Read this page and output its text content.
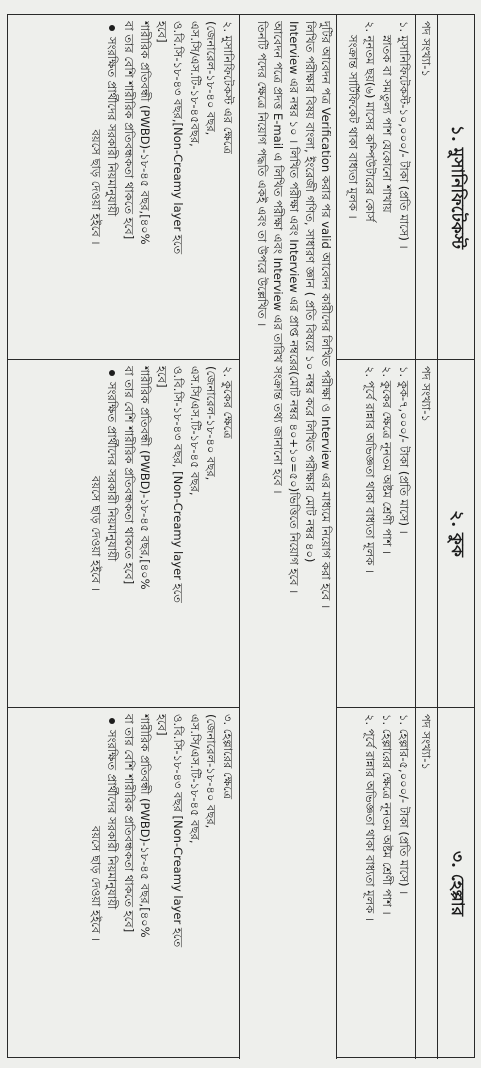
১. মুসানিফিটেকস্ট
২. কুক
৩. হেল্পার
পদ সংখ্যা-১
১. মুসানিফিটেকস্ট-১০,০০০/- টাকা (প্রতি মাসে) ।
স্নাতক বা সমতুল্য পাশ যেকোনো শাখায়
২. নূনতম ছয়(৬) মাসের কম্পিউটারের কোর্স
সংক্রান্ত সার্টিফিকেট থাকা বাধ্যতা মূলক ।
২. মুসানিফিটেকস্ট এর ক্ষেত্রে
(জেনারেল-১৮-৪০ বছর,
এস.সি/এস.টি-১৮-৪৫বছর,
ও.বি.সি-১৮-৪৩ বছর,[Non-Creamy layer হতে
হবে]
শারীরিক প্রতিবন্ধী (PWBD)-১৮-৪৫ বছর,[৪০%
বা তার বেশি শারীরিক প্রতিবন্ধকতা থাকতে হবে]
সংরক্ষিত প্রার্থীদের সরকারী নিয়মানুযায়ী
বয়সে ছাড় দেওয়া হইবে ।
পদ সংখ্যা-১
১. কুক-৭,০০০/- টাকা (প্রতি মাসে) ।
২. কুকের ক্ষেত্রে নূনতম অষ্টম শ্রেণী পাশ ।
২. পূর্বে রান্নার অভিজ্ঞতা থাকা বাধ্যতা মূলক ।
২. কুকের ক্ষেত্রে
(জেনারেল-১৮-৪০ বছর,
এস.সি/এস.টি-১৮-৪৫ বছর,
ও.বি.সি-১৮-৪৩ বছর, [Non-Creamy layer হতে
হবে]
শারীরিক প্রতিবন্ধী (PWBD)-১৮-৪৫ বছর,[৪০%
বা তার বেশি শারীরিক প্রতিবন্ধকতা থাকতে হবে]
সংরক্ষিত প্রার্থীদের সরকারী নিয়মানুযায়ী
বয়সে ছাড় দেওয়া হইবে ।
পদ সংখ্যা-১
১. হেল্পার-৫,০০০/- টাকা (প্রতি মাসে) ।
১. হেল্পারের ক্ষেত্রে নূনতম অষ্টম শ্রেণী পাশ ।
২. পূর্বে রান্নার অভিজ্ঞতা থাকা বাধ্যতা মূলক ।
৩. হেল্পারের ক্ষেত্রে
(জেনারেল-১৮-৪০ বছর,
এস.সি/এস.টি-১৮-৪৫ বছর,
ও.বি.সি-১৮-৪৩ বছর [Non-Creamy layer হতে
হবে]
শারীরিক প্রতিবন্ধী (PWBD)-১৮-৪৫ বছর,[৪০%
বা তার বেশি শারীরিক প্রতিবন্ধকতা থাকতে হবে]
সংরক্ষিত প্রার্থীদের সরকারী নিয়মানুযায়ী
বয়সে ছাড় দেওয়া হইবে ।
দুটির আবেদন পত্র Verification করার পর valid আবেদন কারীদের লিখিত পরীক্ষা ও Interview এর মাধ্যমে নিয়োগ করা হবে ।
লিখিত পরীক্ষার বিষয় বাংলা, ইংরেজী গণিত, সাধারণ জ্ঞান ( প্রতি বিষয়ে ১০ নম্বর করে লিখিত পরীক্ষার মোট নম্বর ৪০)
Interview এর নম্বর ১০ । লিখিত পরীক্ষা এবং Interview এর প্রাপ্ত নম্বরের(মোট নম্বর ৪০+১০=৫০)ভিত্তিতে নিয়োগ হবে ।
আবেদন পত্রে প্রদত্ত E-mail এ লিখিত পরীক্ষা এবং Interview এর তারিখ সংক্রান্ত তথ্য জানানো হবে ।
তিনটি পদের ক্ষেত্রে নিয়োগ পদ্ধতি একই এবং তা উপরে উল্লেখিত ।
